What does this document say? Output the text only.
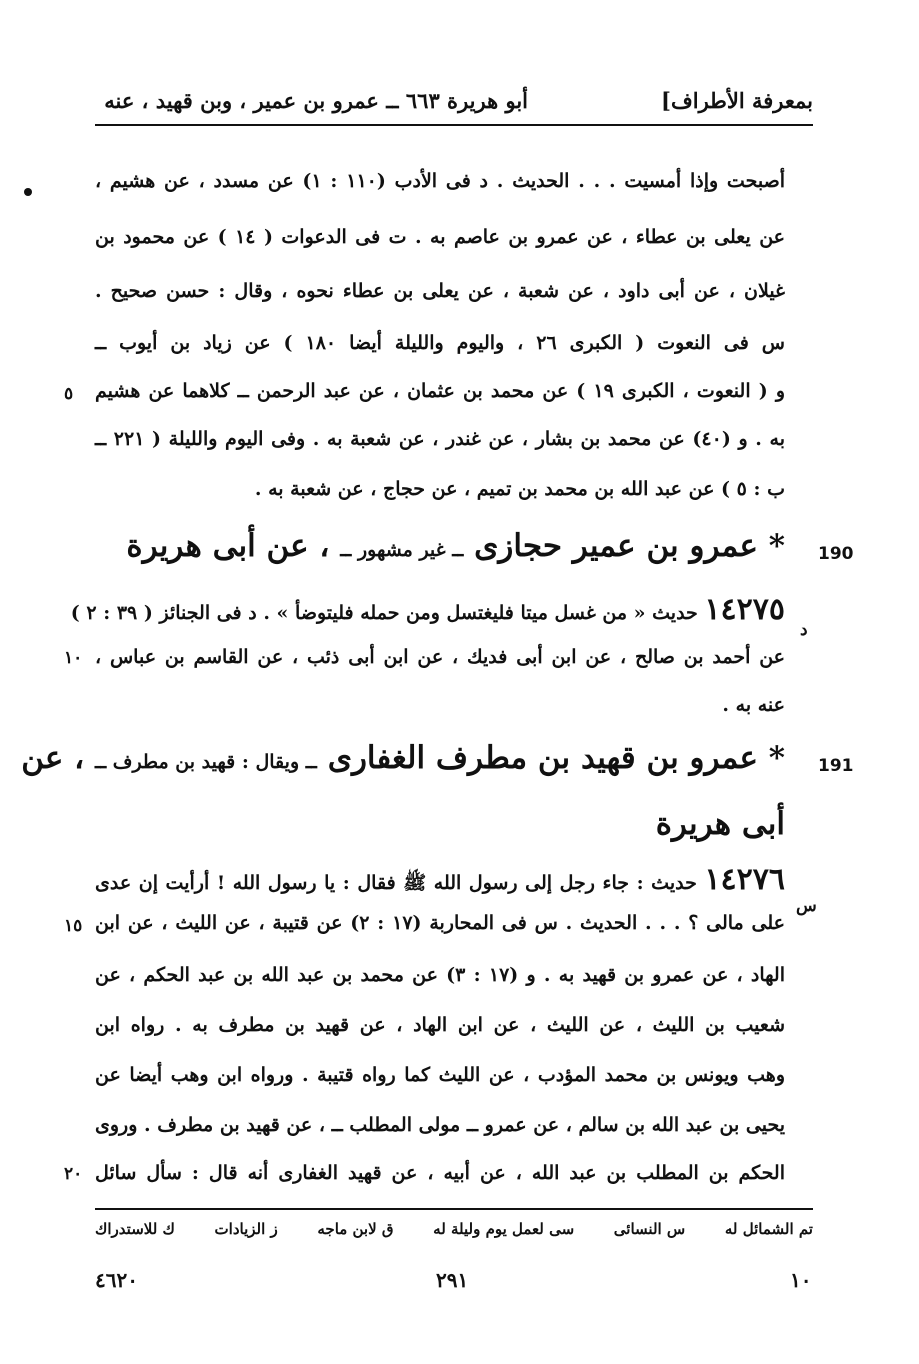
بمعرفة الأطراف]
أبو هريرة ٦٦٣ ــ عمرو بن عمير ، وبن قهيد ، عنه
أصبحت وإذا أمسيت . . . الحديث . د فى الأدب (١١٠ : ١) عن مسدد ، عن هشيم ،
عن يعلى بن عطاء ، عن عمرو بن عاصم به . ت فى الدعوات ( ١٤ ) عن محمود بن
غيلان ، عن أبى داود ، عن شعبة ، عن يعلى بن عطاء نحوه ، وقال : حسن صحيح .
س فى النعوت ( الكبرى ٢٦ ، واليوم والليلة أيضا ١٨٠ ) عن زياد بن أيوب ــ
و ( النعوت ، الكبرى ١٩ ) عن محمد بن عثمان ، عن عبد الرحمن ــ كلاهما عن هشيم
٥
به . و (٤٠) عن محمد بن بشار ، عن غندر ، عن شعبة به . وفى اليوم والليلة ( ٢٢١ ــ
ب : ٥ ) عن عبد الله بن محمد بن تميم ، عن حجاج ، عن شعبة به .
190
* عمرو بن عمير حجازى ــ غير مشهور ــ ، عن أبى هريرة
١٤٢٧٥ حديث « من غسل ميتا فليغتسل ومن حمله فليتوضأ » . د فى الجنائز ( ٣٩ : ٢ )
د
عن أحمد بن صالح ، عن ابن أبى فديك ، عن ابن أبى ذئب ، عن القاسم بن عباس ،
١٠
عنه به .
191
* عمرو بن قهيد بن مطرف الغفارى ــ ويقال : قهيد بن مطرف ــ ، عن
أبى هريرة
١٤٢٧٦ حديث : جاء رجل إلى رسول الله ﷺ فقال : يا رسول الله ! أرأيت إن عدى
س
على مالى ؟ . . . الحديث . س فى المحاربة (١٧ : ٢) عن قتيبة ، عن الليث ، عن ابن
١٥
الهاد ، عن عمرو بن قهيد به . و (١٧ : ٣) عن محمد بن عبد الله بن عبد الحكم ، عن
شعيب بن الليث ، عن الليث ، عن ابن الهاد ، عن قهيد بن مطرف به . رواه ابن
وهب ويونس بن محمد المؤدب ، عن الليث كما رواه قتيبة . ورواه ابن وهب أيضا عن
يحيى بن عبد الله بن سالم ، عن عمرو ــ مولى المطلب ــ ، عن قهيد بن مطرف . وروى
الحكم بن المطلب بن عبد الله ، عن أبيه ، عن قهيد الغفارى أنه قال : سأل سائل
٢٠
تم الشمائل له
س النسائى
سى لعمل يوم وليلة له
ق لابن ماجه
ز الزيادات
ك للاستدراك
٤٦٢٠	٢٩١	١٠
